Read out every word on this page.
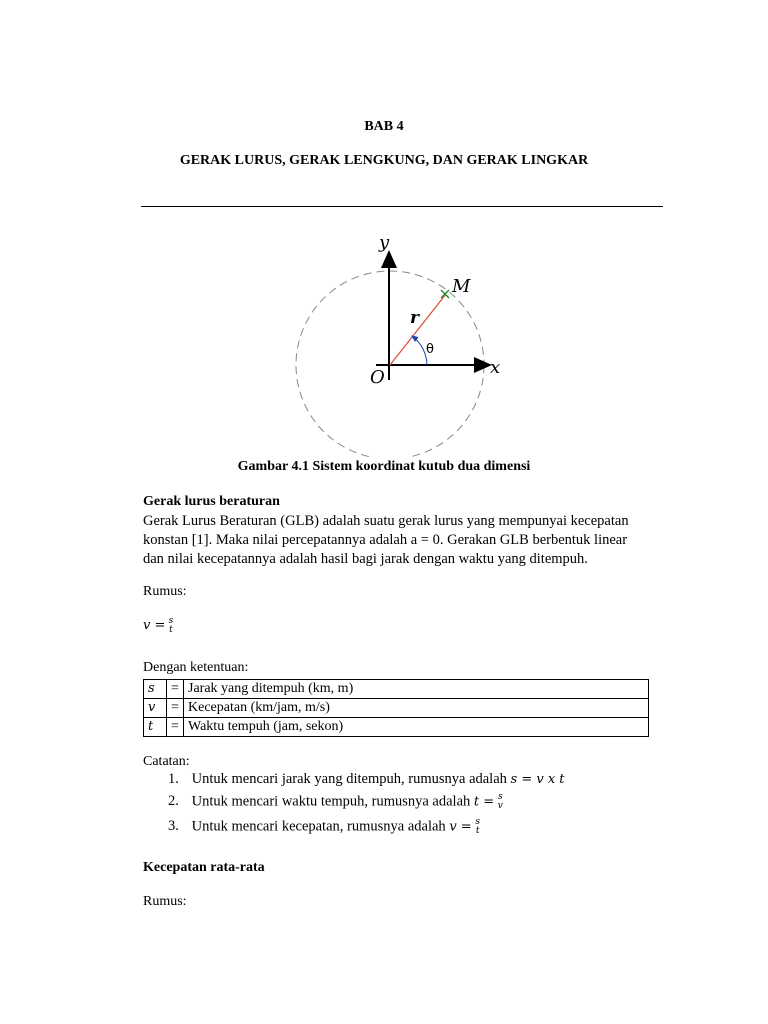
BAB 4
GERAK LURUS, GERAK LENGKUNG, DAN GERAK LINGKAR
y
x
O
M
r
θ
Gambar 4.1 Sistem koordinat kutub dua dimensi
Gerak lurus beraturan
Gerak Lurus Beraturan (GLB) adalah suatu gerak lurus yang mempunyai kecepatan
konstan [1]. Maka nilai percepatannya adalah a = 0. Gerakan GLB berbentuk linear
dan nilai kecepatannya adalah hasil bagi jarak dengan waktu yang ditempuh.
Rumus:
v = s
t
Dengan ketentuan:
s	=	Jarak yang ditempuh (km, m)
v	=	Kecepatan (km/jam, m/s)
t	=	Waktu tempuh (jam, sekon)
Catatan:
1. Untuk mencari jarak yang ditempuh, rumusnya adalah s = v x t
2. Untuk mencari waktu tempuh, rumusnya adalah t = s
v
3. Untuk mencari kecepatan, rumusnya adalah v = s
t
Kecepatan rata-rata
Rumus:
